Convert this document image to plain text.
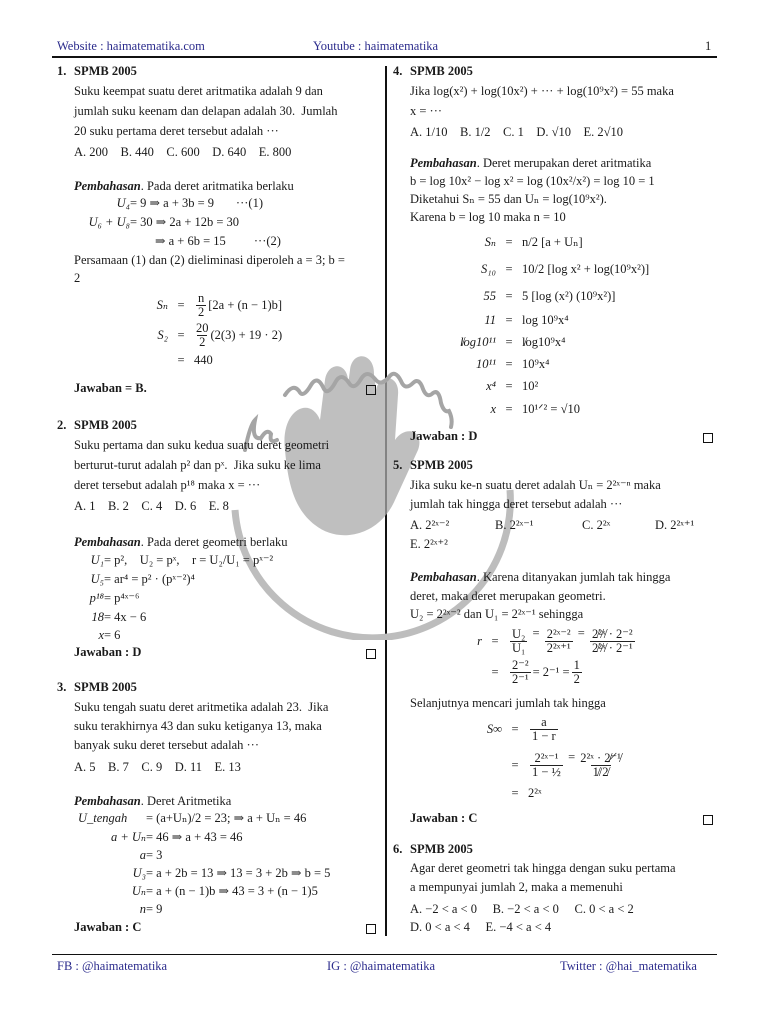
Website : haimatematika.com	Youtube : haimatematika	1
FB : @haimatematika	IG : @haimatematika	Twitter : @hai_matematika
1. SPMB 2005
Suku keempat suatu deret aritmatika adalah 9 dan
jumlah suku keenam dan delapan adalah 30.  Jumlah
20 suku pertama deret tersebut adalah ···
A. 200    B. 440    C. 600    D. 640    E. 800
Pembahasan. Pada deret aritmatika berlaku
U₄ = 9 ⇒ a + 3b = 9       ···(1)
U₆ + U₈ = 30 ⇒ 2a + 12b = 30
⇒ a + 6b = 15         ···(2)
Persamaan (1) dan (2) dieliminasi diperoleh a = 3; b =
2
$S_n = \frac{n}{2} [2a + (n - 1)b]$
$S_2 = \frac{20}{2} (2(3) + 19 \cdot 2)$
= 440
Jawaban = B.
2. SPMB 2005
Suku pertama dan suku kedua suatu deret geometri
berturut-turut adalah p² dan pˣ.  Jika suku ke lima
deret tersebut adalah p¹⁸ maka x = ···
A. 1    B. 2    C. 4    D. 6    E. 8
Pembahasan. Pada deret geometri berlaku
U₁ = p²,    U₂ = pˣ,    r = U₂/U₁ = pˣ⁻²
U₅ = ar⁴ = p² · (pˣ⁻²)⁴
p¹⁸ = p⁴ˣ⁻⁶
18 = 4x − 6
x = 6
Jawaban : D
3. SPMB 2005
Suku tengah suatu deret aritmetika adalah 23.  Jika
suku terakhirnya 43 dan suku ketiganya 13, maka
banyak suku deret tersebut adalah ···
A. 5    B. 7    C. 9    D. 11    E. 13
Pembahasan. Deret Aritmetika
U_tengah	= (a+Uₙ)/2 = 23; ⇒ a + Uₙ = 46
a + Uₙ = 46 ⇒ a + 43 = 46
a = 3
U₃ = a + 2b = 13 ⇒ 13 = 3 + 2b ⇒ b = 5
Uₙ = a + (n − 1)b ⇒ 43 = 3 + (n − 1)5
n = 9
Jawaban : C
4. SPMB 2005
Jika log(x²) + log(10x²) + ··· + log(10⁹x²) = 55 maka
x = ···
A. 1/10    B. 1/2    C. 1    D. √10    E. 2√10
Pembahasan. Deret merupakan deret aritmatika
b = log 10x² − log x² = log (10x²/x²) = log 10 = 1
Diketahui Sₙ = 55 dan Uₙ = log(10⁹x²).
Karena b = log 10 maka n = 10
Sₙ = n/2 [a + Uₙ]
S₁₀ = 10/2 [log x² + log(10⁹x²)]
55 = 5 [log (x²) (10⁹x²)]
11 = log 10⁹x⁴
l̸og10¹¹ = l̸og10⁹x⁴
10¹¹ = 10⁹x⁴
x⁴ = 10²
x = 10¹ᐟ² = √10
Jawaban : D
5. SPMB 2005
Jika suku ke-n suatu deret adalah Uₙ = 2²ˣ⁻ⁿ maka
jumlah tak hingga deret tersebut adalah ···
A. 2²ˣ⁻²	B. 2²ˣ⁻¹	C. 2²ˣ	D. 2²ˣ⁺¹
E. 2²ˣ⁺²
Pembahasan. Karena ditanyakan jumlah tak hingga
deret, maka deret merupakan geometri.
U₂ = 2²ˣ⁻² dan U₁ = 2²ˣ⁻¹ sehingga
$r = \frac{\text{U₂}}{\text{U₁}}$ =
$\frac{\text{2²ˣ⁻²}}{\text{2²ˣ⁺¹}}$ =
$\frac{\text{2̸²̸ˣ̸ · 2⁻²}}{\text{2̸²̸ˣ̸ · 2⁻¹}}$
= $\frac{\text{2⁻²}}{\text{2⁻¹}} = 2^{-1} = \frac{1}{2}$
Selanjutnya mencari jumlah tak hingga
$S\infty = \frac{a}{1 - r}$
= $\frac{\text{2²ˣ⁻¹}}{\text{1 − ½}}$ =
$\frac{\text{2²ˣ · 2̸⁻̸¹̸}}{1̸/2̸}$
= 2²ˣ
Jawaban : C
6. SPMB 2005
Agar deret geometri tak hingga dengan suku pertama
a mempunyai jumlah 2, maka a memenuhi
A. −2 < a < 0     B. −2 < a < 0     C. 0 < a < 2
D. 0 < a < 4     E. −4 < a < 4
